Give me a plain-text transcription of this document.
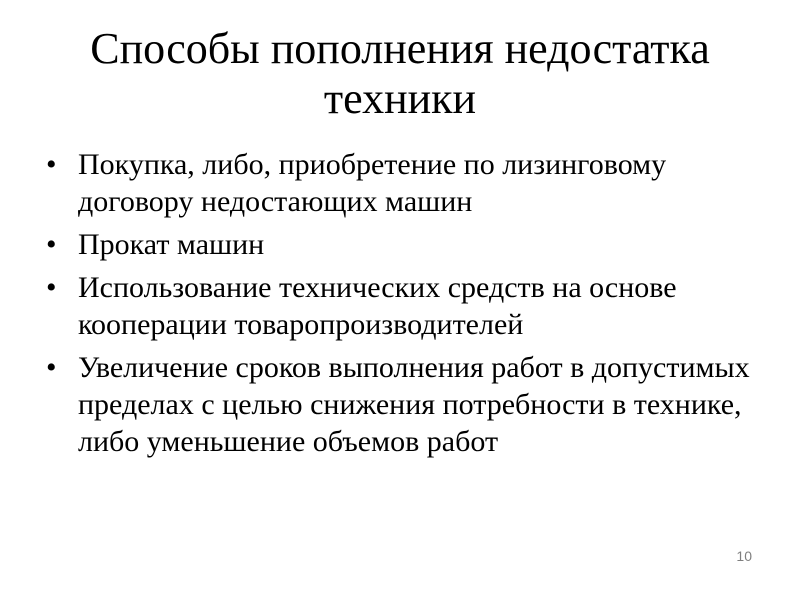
Способы пополнения недостатка техники
• Покупка, либо, приобретение по лизинговому договору недостающих машин
• Прокат машин
• Использование технических средств на основе кооперации товаропроизводителей
• Увеличение сроков выполнения работ в допустимых пределах с целью снижения потребности в технике, либо уменьшение объемов работ
10
